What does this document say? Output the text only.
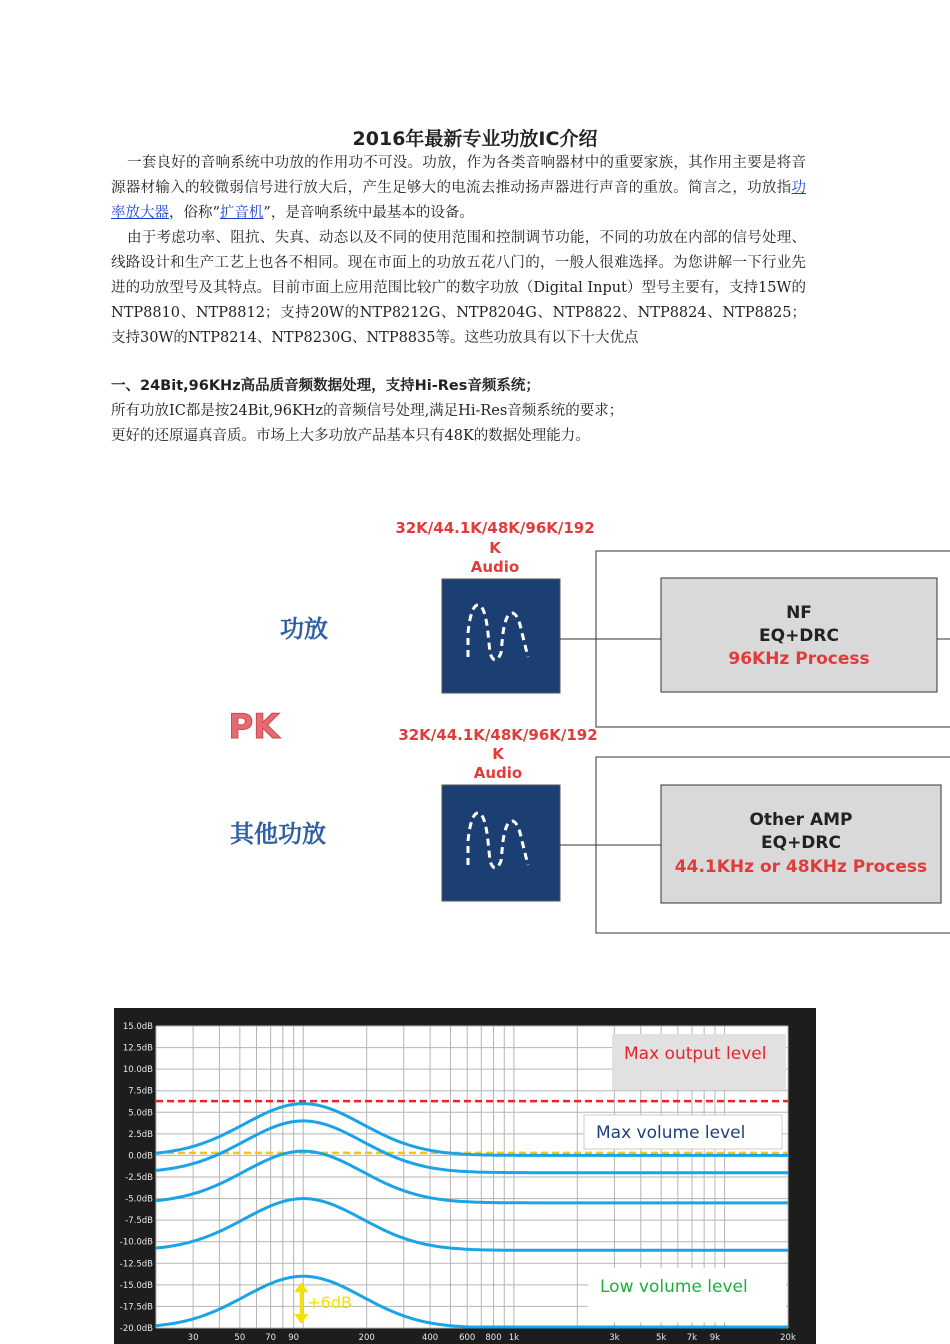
2016年最新专业功放IC介绍
一套良好的音响系统中功放的作用功不可没。功放，作为各类音响器材中的重要家族，其作用主要是将音源器材输入的较微弱信号进行放大后，产生足够大的电流去推动扬声器进行声音的重放。简言之，功放指功率放大器，俗称“扩音机”，是音响系统中最基本的设备。
由于考虑功率、阻抗、失真、动态以及不同的使用范围和控制调节功能，不同的功放在内部的信号处理、线路设计和生产工艺上也各不相同。现在市面上的功放五花八门的，一般人很难选择。为您讲解一下行业先进的功放型号及其特点。目前市面上应用范围比较广的数字功放（Digital Input）型号主要有，支持15W的NTP8810、NTP8812；支持20W的NTP8212G、NTP8204G、NTP8822、NTP8824、NTP8825；支持30W的NTP8214、NTP8230G、NTP8835等。这些功放具有以下十大优点
一、24Bit,96KHz高品质音频数据处理，支持Hi-Res音频系统；
所有功放IC都是按24Bit,96KHz的音频信号处理,满足Hi-Res音频系统的要求；
更好的还原逼真音质。市场上大多功放产品基本只有48K的数据处理能力。
32K/44.1K/48K/96K/192
K
Audio
功放
NF
EQ+DRC
96KHz Process
PK	32K/44.1K/48K/96K/192
K
Audio
其他功放	Other AMP
EQ+DRC
44.1KHz or 48KHz Process
15.0dB
12.5dB
10.0dB
7.5dB
5.0dB
2.5dB
0.0dB
-2.5dB
-5.0dB
-7.5dB
-10.0dB
-12.5dB
-15.0dB
-17.5dB
-20.0dB
30	50 70 90	200	400 600 800 1k	3k	5k 7k 9k	20k
Max output level
Max volume level
Low volume level
+6dB
